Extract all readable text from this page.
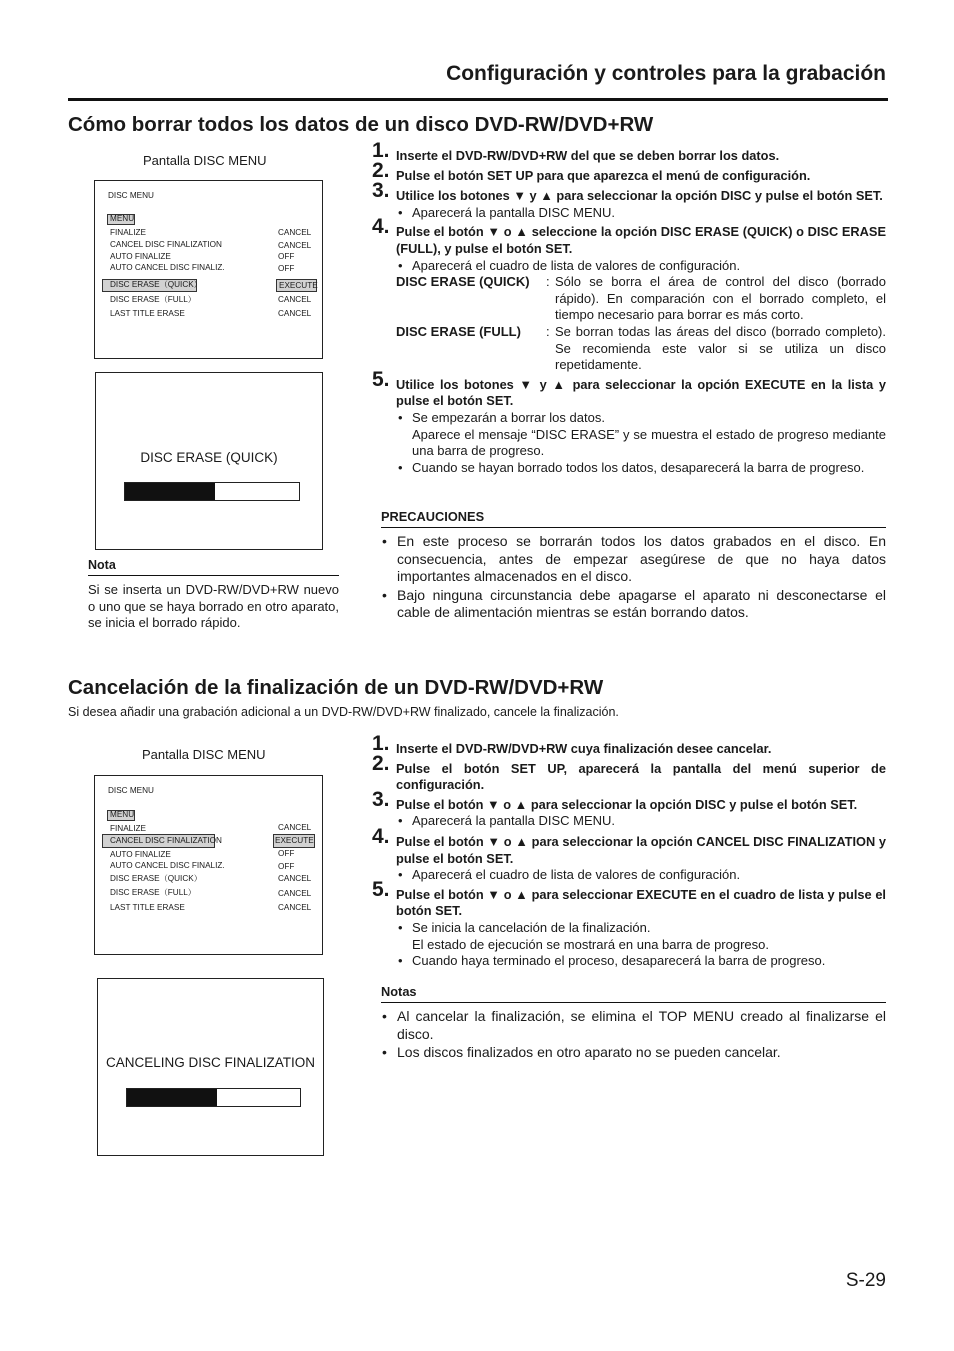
Configuración y controles para la grabación
Cómo borrar todos los datos de un disco DVD-RW/DVD+RW
Pantalla DISC MENU
DISC MENU
MENU
FINALIZE	CANCEL
CANCEL DISC FINALIZATION	CANCEL
AUTO FINALIZE	OFF
AUTO CANCEL DISC FINALIZ.	OFF
DISC ERASE（QUICK）	EXECUTE
DISC ERASE（FULL）	CANCEL
LAST TITLE ERASE	CANCEL
DISC ERASE (QUICK)
Nota
Si se inserta un DVD-RW/DVD+RW nuevo o uno que se haya borrado en otro aparato, se inicia el borrado rápido.
1. Inserte el DVD-RW/DVD+RW del que se deben borrar los datos.
2. Pulse el botón SET UP para que aparezca el menú de configuración.
3. Utilice los botones ▼ y ▲ para seleccionar la opción DISC y pulse el botón SET.
• Aparecerá la pantalla DISC MENU.
4. Pulse el botón ▼ o ▲ seleccione la opción DISC ERASE (QUICK) o DISC ERASE (FULL), y pulse el botón SET.
• Aparecerá el cuadro de lista de valores de configuración.
DISC ERASE (QUICK)	: Sólo se borra el área de control del disco (borrado rápido). En comparación con el borrado completo, el tiempo necesario para borrar es más corto.
DISC ERASE (FULL)	: Se borran todas las áreas del disco (borrado completo). Se recomienda este valor si se utiliza un disco repetidamente.
5. Utilice los botones ▼ y ▲ para seleccionar la opción EXECUTE en la lista y pulse el botón SET.
• Se empezarán a borrar los datos.
Aparece el mensaje “DISC ERASE” y se muestra el estado de progreso mediante una barra de progreso.
• Cuando se hayan borrado todos los datos, desaparecerá la barra de progreso.
PRECAUCIONES
• En este proceso se borrarán todos los datos grabados en el disco. En consecuencia, antes de empezar asegúrese de que no haya datos importantes almacenados en el disco.
• Bajo ninguna circunstancia debe apagarse el aparato ni desconectarse el cable de alimentación mientras se están borrando datos.
Cancelación de la finalización de un DVD-RW/DVD+RW
Si desea añadir una grabación adicional a un DVD-RW/DVD+RW finalizado, cancele la finalización.
Pantalla DISC MENU
DISC MENU
MENU
FINALIZE	CANCEL
CANCEL DISC FINALIZATION	EXECUTE
AUTO FINALIZE	OFF
AUTO CANCEL DISC FINALIZ.	OFF
DISC ERASE（QUICK）	CANCEL
DISC ERASE（FULL）	CANCEL
LAST TITLE ERASE	CANCEL
CANCELING DISC FINALIZATION
1. Inserte el DVD-RW/DVD+RW cuya finalización desee cancelar.
2. Pulse el botón SET UP, aparecerá la pantalla del menú superior de configuración.
3. Pulse el botón ▼ o ▲ para seleccionar la opción DISC y pulse el botón SET.
• Aparecerá la pantalla DISC MENU.
4. Pulse el botón ▼ o ▲ para seleccionar la opción CANCEL DISC FINALIZATION y pulse el botón SET.
• Aparecerá el cuadro de lista de valores de configuración.
5. Pulse el botón ▼ o ▲ para seleccionar EXECUTE en el cuadro de lista y pulse el botón SET.
• Se inicia la cancelación de la finalización.
El estado de ejecución se mostrará en una barra de progreso.
• Cuando haya terminado el proceso, desaparecerá la barra de progreso.
Notas
• Al cancelar la finalización, se elimina el TOP MENU creado al finalizarse el disco.
• Los discos finalizados en otro aparato no se pueden cancelar.
S-29
